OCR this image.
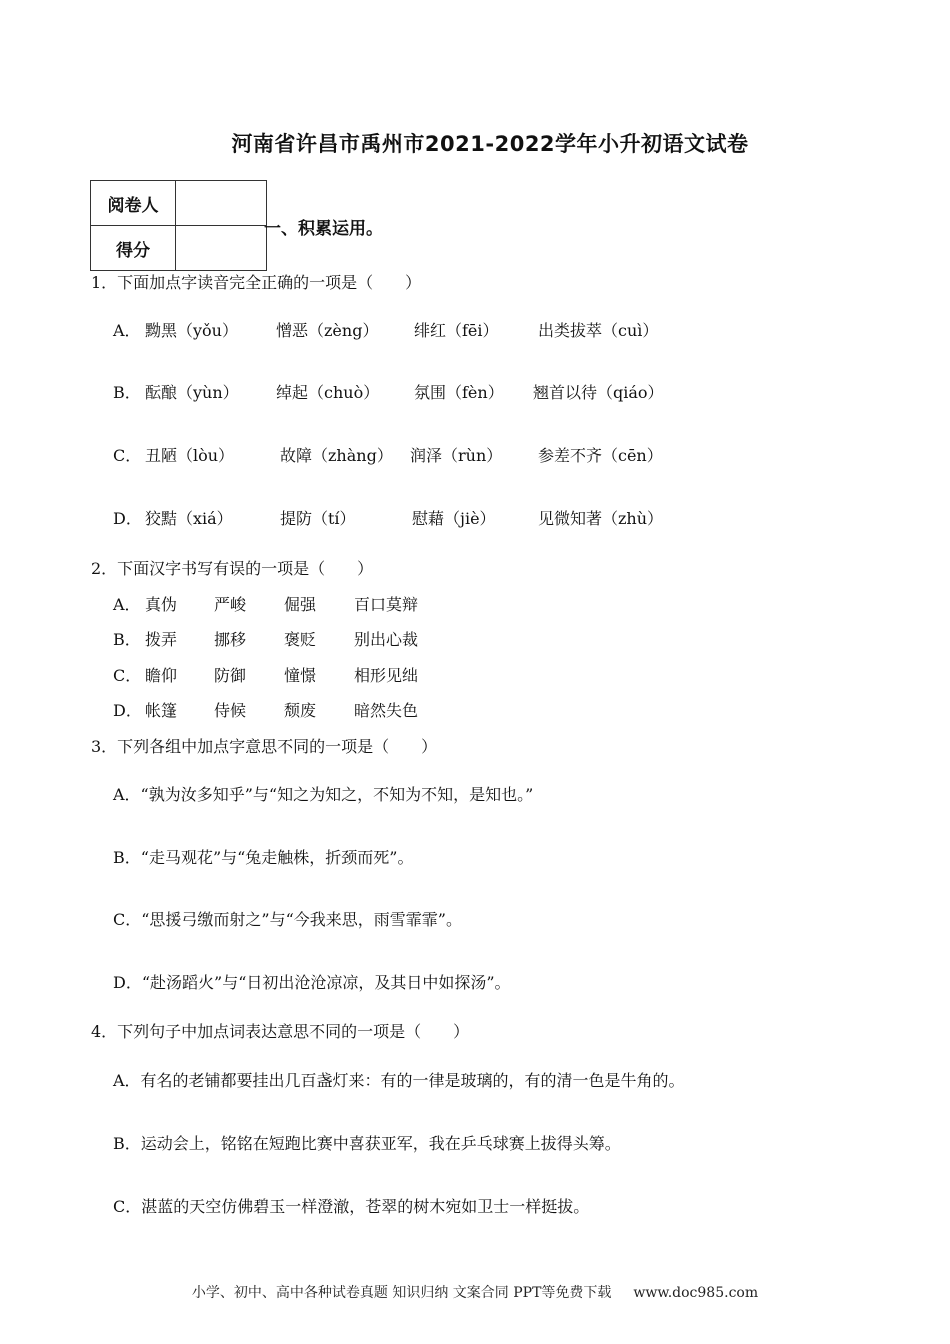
河南省许昌市禹州市2021-2022学年小升初语文试卷
阅卷人	
得分	
一、积累运用。
1．下面加点字读音完全正确的一项是（　　）
A． 黝黑（yǒu） 憎恶（zèng） 绯红（fēi） 出类拔萃（cuì）
B． 酝酿（yùn） 绰起（chuò） 氛围（fèn） 翘首以待（qiáo）
C． 丑陋（lòu）	故障（zhàng） 润泽（rùn） 参差不齐（cēn）
D． 狡黠（xiá）	提防（tí）	慰藉（jiè）	见微知著（zhù）
2．下面汉字书写有误的一项是（　　）
A． 真伪 严峻 倔强 百口莫辩
B． 拨弄 挪移 褒贬 别出心裁
C． 瞻仰 防御 憧憬 相形见绌
D． 帐篷 侍候 颓废 暗然失色
3．下列各组中加点字意思不同的一项是（　　）
A．“孰为汝多知乎”与“知之为知之，不知为不知，是知也。”
B．“走马观花”与“兔走触株，折颈而死”。
C．“思援弓缴而射之”与“今我来思，雨雪霏霏”。
D．“赴汤蹈火”与“日初出沧沧凉凉，及其日中如探汤”。
4．下列句子中加点词表达意思不同的一项是（　　）
A．有名的老铺都要挂出几百盏灯来：有的一律是玻璃的，有的清一色是牛角的。
B．运动会上，铭铭在短跑比赛中喜获亚军，我在乒乓球赛上拔得头筹。
C．湛蓝的天空仿佛碧玉一样澄澈，苍翠的树木宛如卫士一样挺拔。
小学、初中、高中各种试卷真题 知识归纳 文案合同 PPT等免费下载 www.doc985.com
